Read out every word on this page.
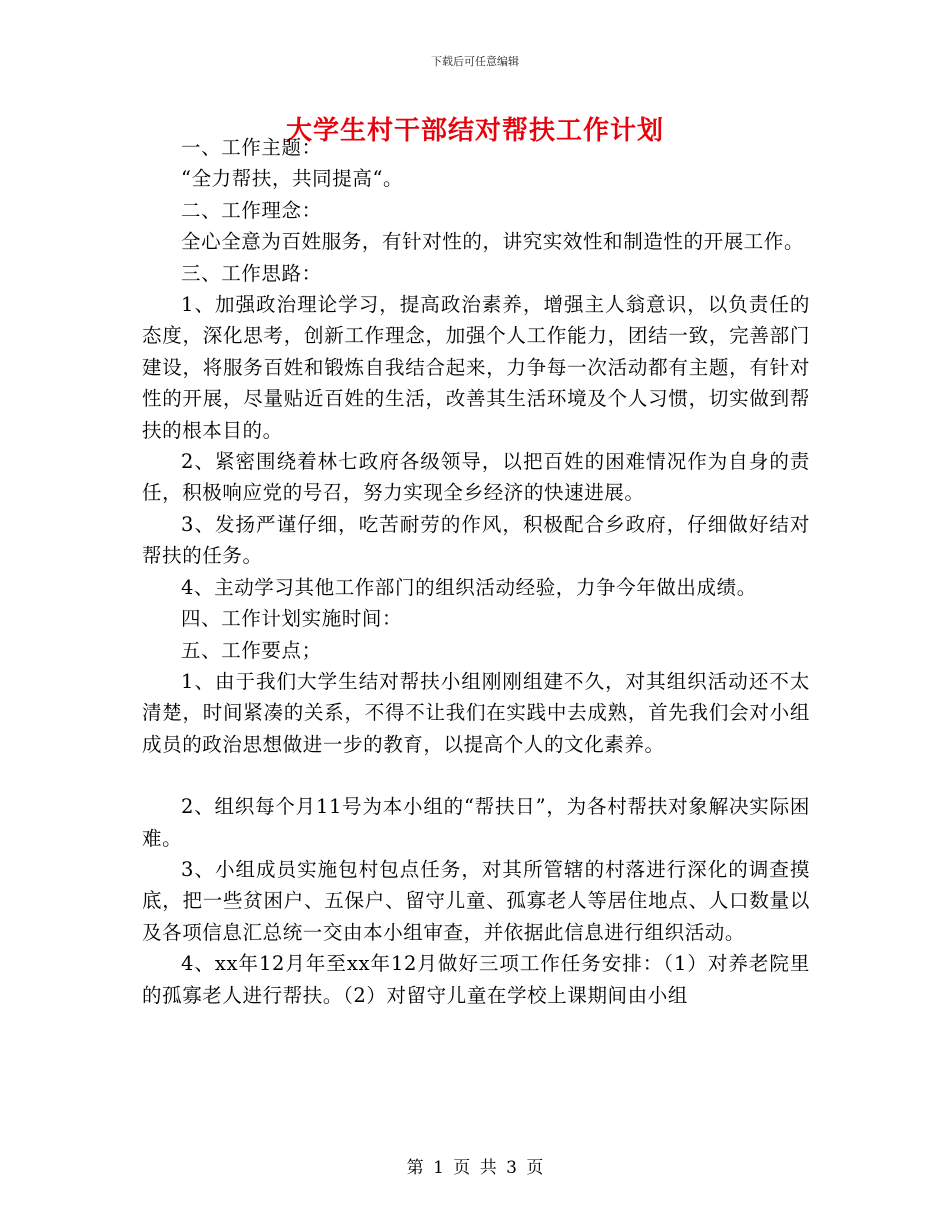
下载后可任意编辑
大学生村干部结对帮扶工作计划

一、工作主题：

“全力帮扶，共同提高“。

二、工作理念：

全心全意为百姓服务，有针对性的，讲究实效性和制造性的开展工作。

三、工作思路：

1、加强政治理论学习，提高政治素养，增强主人翁意识，以负责任的态度，深化思考，创新工作理念，加强个人工作能力，团结一致，完善部门建设，将服务百姓和锻炼自我结合起来，力争每一次活动都有主题，有针对性的开展，尽量贴近百姓的生活，改善其生活环境及个人习惯，切实做到帮扶的根本目的。

2、紧密围绕着林七政府各级领导，以把百姓的困难情况作为自身的责任，积极响应党的号召，努力实现全乡经济的快速进展。

3、发扬严谨仔细，吃苦耐劳的作风，积极配合乡政府，仔细做好结对帮扶的任务。

4、主动学习其他工作部门的组织活动经验，力争今年做出成绩。

四、工作计划实施时间：

五、工作要点；

1、由于我们大学生结对帮扶小组刚刚组建不久，对其组织活动还不太清楚，时间紧凑的关系，不得不让我们在实践中去成熟，首先我们会对小组成员的政治思想做进一步的教育，以提高个人的文化素养。

2、组织每个月11号为本小组的“帮扶日”，为各村帮扶对象解决实际困难。

3、小组成员实施包村包点任务，对其所管辖的村落进行深化的调查摸底，把一些贫困户、五保户、留守儿童、孤寡老人等居住地点、人口数量以及各项信息汇总统一交由本小组审查，并依据此信息进行组织活动。

4、xx年12月年至xx年12月做好三项工作任务安排：（1）对养老院里的孤寡老人进行帮扶。（2）对留守儿童在学校上课期间由小组

第 1 页 共 3 页
